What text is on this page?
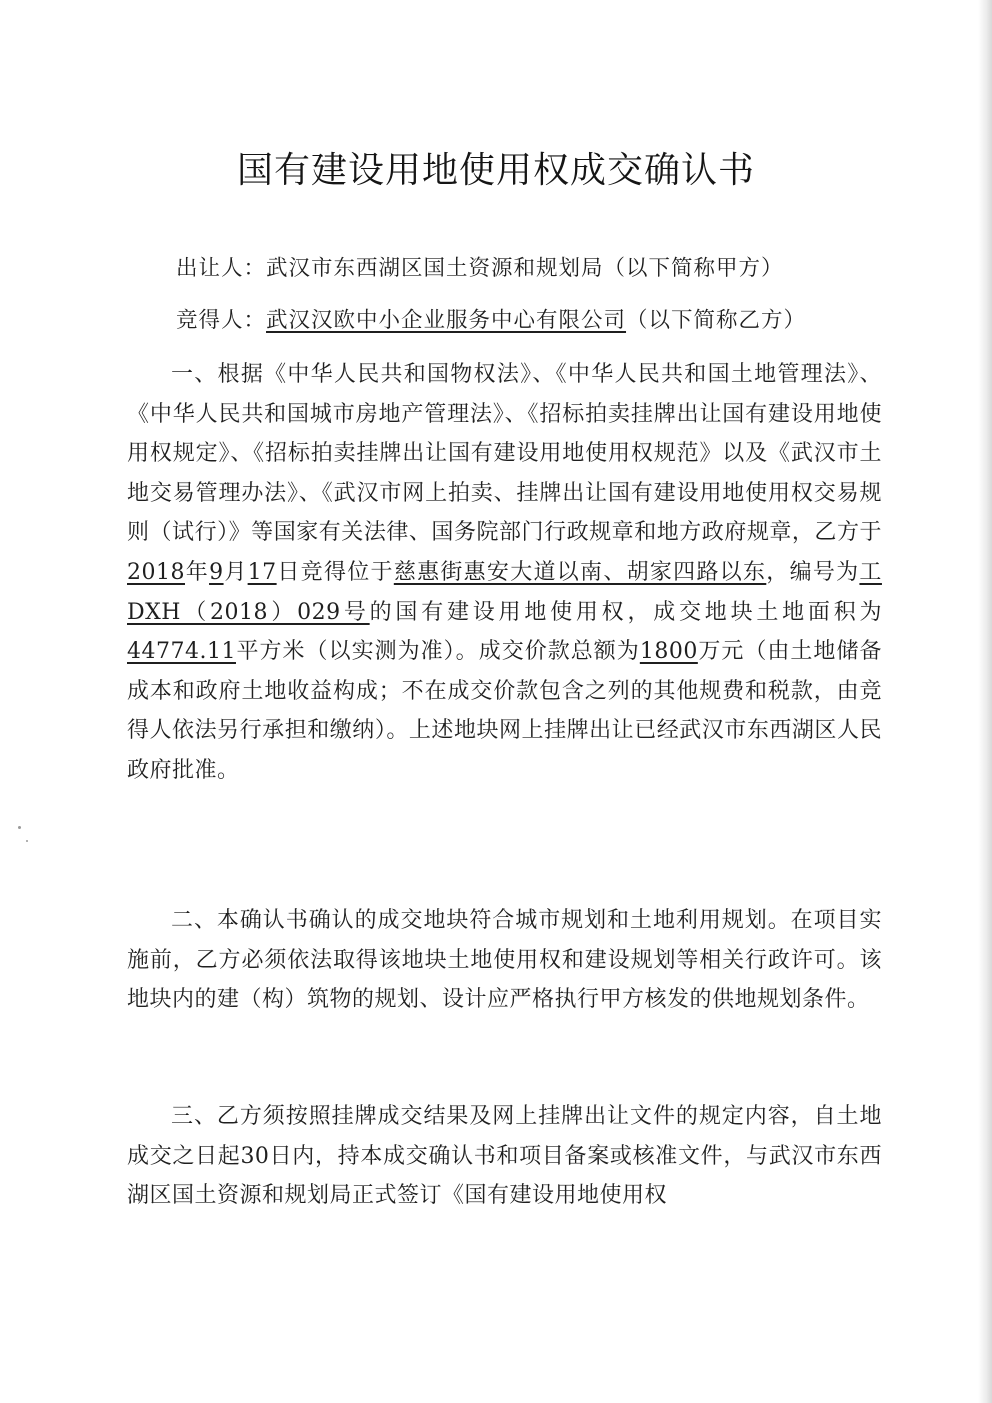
国有建设用地使用权成交确认书
出让人：武汉市东西湖区国土资源和规划局（以下简称甲方）
竞得人：武汉汉欧中小企业服务中心有限公司（以下简称乙方）
一、根据《中华人民共和国物权法》、《中华人民共和国土地管理法》、《中华人民共和国城市房地产管理法》、《招标拍卖挂牌出让国有建设用地使用权规定》、《招标拍卖挂牌出让国有建设用地使用权规范》以及《武汉市土地交易管理办法》、《武汉市网上拍卖、挂牌出让国有建设用地使用权交易规则（试行）》等国家有关法律、国务院部门行政规章和地方政府规章，乙方于2018年9月17日竞得位于慈惠街惠安大道以南、胡家四路以东，编号为工DXH（2018）029号的国有建设用地使用权，成交地块土地面积为44774.11平方米（以实测为准）。成交价款总额为1800万元（由土地储备成本和政府土地收益构成；不在成交价款包含之列的其他规费和税款，由竞得人依法另行承担和缴纳）。上述地块网上挂牌出让已经武汉市东西湖区人民政府批准。
二、本确认书确认的成交地块符合城市规划和土地利用规划。在项目实施前，乙方必须依法取得该地块土地使用权和建设规划等相关行政许可。该地块内的建（构）筑物的规划、设计应严格执行甲方核发的供地规划条件。
三、乙方须按照挂牌成交结果及网上挂牌出让文件的规定内容，自土地成交之日起30日内，持本成交确认书和项目备案或核准文件，与武汉市东西湖区国土资源和规划局正式签订《国有建设用地使用权
